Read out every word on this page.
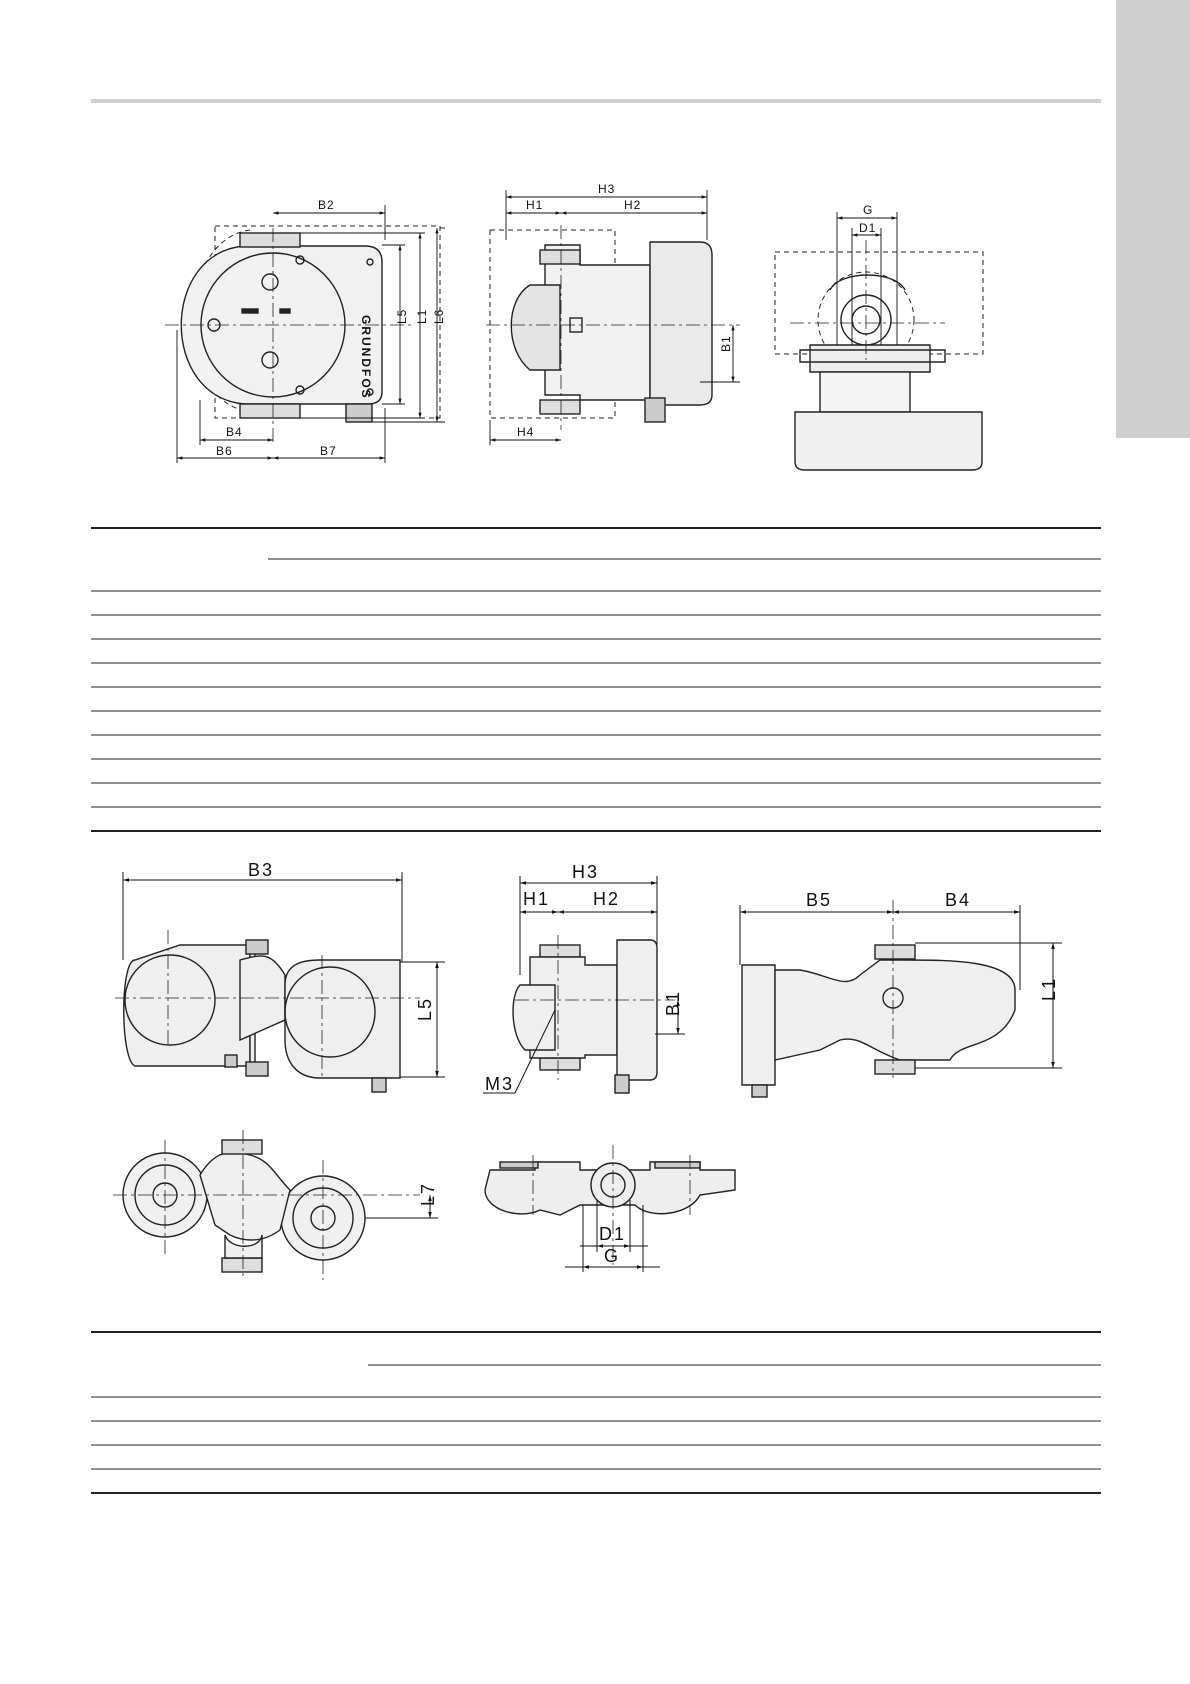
GRUNDFOS
B2
L5 L1 L6
B4
B6	B7
H3
H1	H2
B1
H4
G
D1
B3
L5
H3
H1 H2
B1
M3
B5	B4
L1
L7
D1
G
